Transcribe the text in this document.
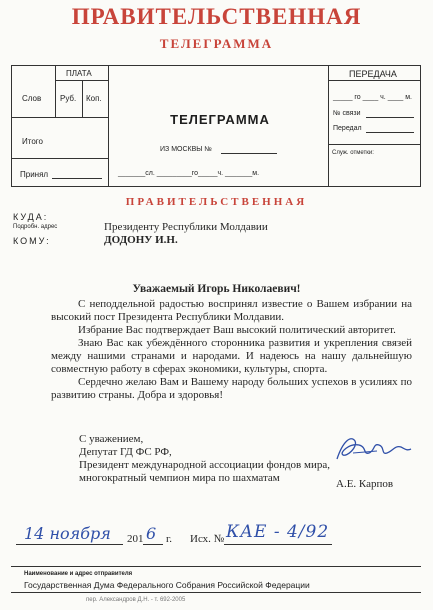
ПРАВИТЕЛЬСТВЕННАЯ
ТЕЛЕГРАММА
ПЛАТА
Слов Руб. Коп.
Итого
Принял
ПЕРЕДАЧА
_____ го ____ ч. ____ м.
№ связи
Передал
Служ. отметки:
ТЕЛЕГРАММА
ИЗ МОСКВЫ №
_______сл. _________го_____ч. _______м.
ПРАВИТЕЛЬСТВЕННАЯ
КУДА:
Подробн. адрес
КОМУ:
Президенту Республики Молдавии
ДОДОНУ И.Н.
Уважаемый Игорь Николаевич!
С неподдельной радостью воспринял известие о Вашем избрании на высокий пост Президента Республики Молдавии.
Избрание Вас подтверждает Ваш высокий политический авторитет.
Знаю Вас как убеждённого сторонника развития и укрепления связей между нашими странами и народами. И надеюсь на нашу дальнейшую совместную работу в сферах экономики, культуры, спорта.
Сердечно желаю Вам и Вашему народу больших успехов в усилиях по развитию страны. Добра и здоровья!
С уважением,
Депутат ГД ФС РФ,
Президент международной ассоциации фондов мира,
многократный чемпион мира по шахматам	А.Е. Карпов
14 ноября 201 6 г. Исх. № КАЕ - 4/92
Наименование и адрес отправителя
Государственная Дума Федерального Собрания Российской Федерации
пер. Александров Д.Н. - т. 692-2005
